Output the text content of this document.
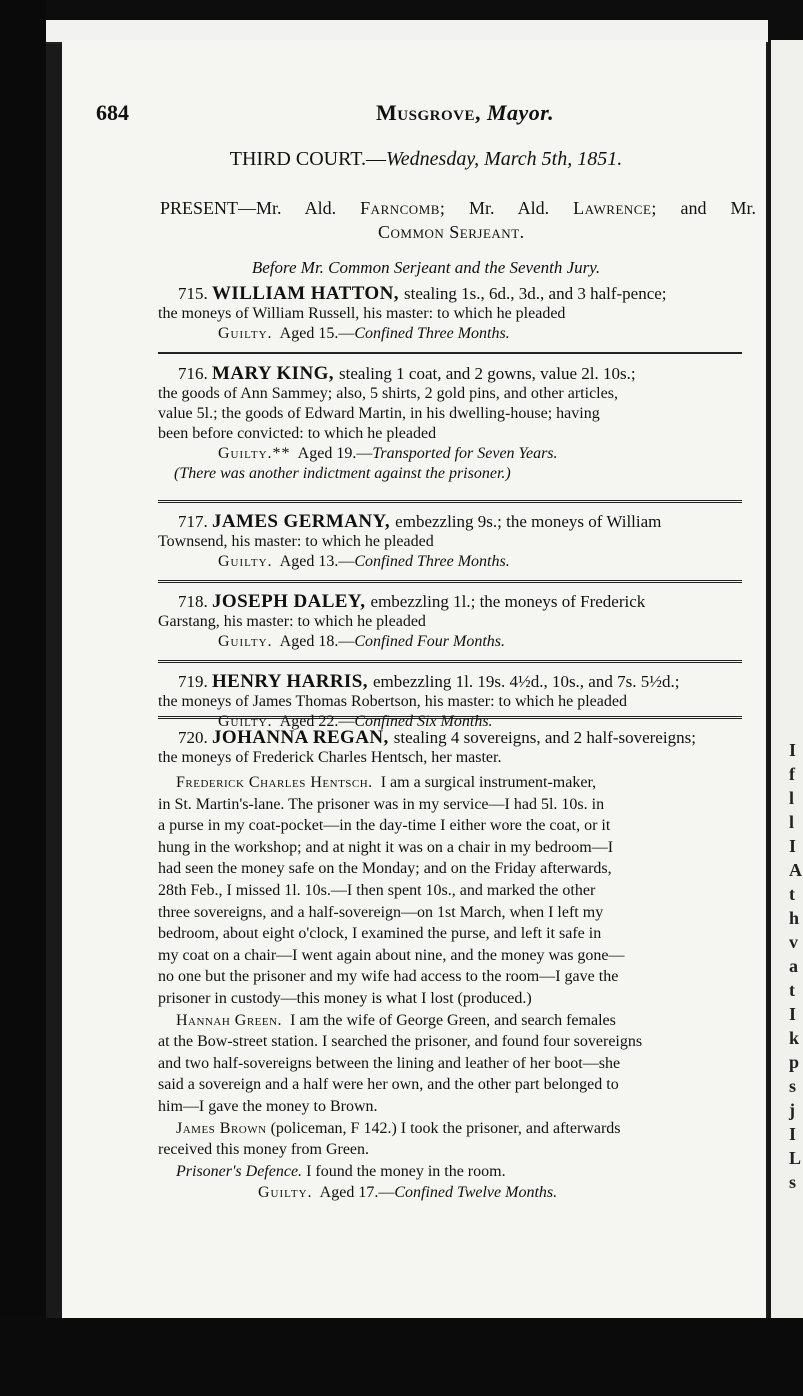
I
f
l
l
I
A
t
h
v
a
t
I
k
p
s
j
I
L
s
684	Musgrove, Mayor.
THIRD COURT.—Wednesday, March 5th, 1851.
PRESENT—Mr. Ald. Farncomb; Mr. Ald. Lawrence; and Mr.
Common Serjeant.
Before Mr. Common Serjeant and the Seventh Jury.
715. WILLIAM HATTON, stealing 1s., 6d., 3d., and 3 half-pence;
the moneys of William Russell, his master: to which he pleaded
Guilty. Aged 15.—Confined Three Months.
716. MARY KING, stealing 1 coat, and 2 gowns, value 2l. 10s.;
the goods of Ann Sammey; also, 5 shirts, 2 gold pins, and other articles,
value 5l.; the goods of Edward Martin, in his dwelling-house; having
been before convicted: to which he pleaded
Guilty.** Aged 19.—Transported for Seven Years.
(There was another indictment against the prisoner.)
717. JAMES GERMANY, embezzling 9s.; the moneys of William
Townsend, his master: to which he pleaded
Guilty. Aged 13.—Confined Three Months.
718. JOSEPH DALEY, embezzling 1l.; the moneys of Frederick
Garstang, his master: to which he pleaded
Guilty. Aged 18.—Confined Four Months.
719. HENRY HARRIS, embezzling 1l. 19s. 4½d., 10s., and 7s. 5½d.;
the moneys of James Thomas Robertson, his master: to which he pleaded
Guilty. Aged 22.—Confined Six Months.
720. JOHANNA REGAN, stealing 4 sovereigns, and 2 half-sovereigns;
the moneys of Frederick Charles Hentsch, her master.
Frederick Charles Hentsch. I am a surgical instrument-maker,
in St. Martin's-lane. The prisoner was in my service—I had 5l. 10s. in
a purse in my coat-pocket—in the day-time I either wore the coat, or it
hung in the workshop; and at night it was on a chair in my bedroom—I
had seen the money safe on the Monday; and on the Friday afterwards,
28th Feb., I missed 1l. 10s.—I then spent 10s., and marked the other
three sovereigns, and a half-sovereign—on 1st March, when I left my
bedroom, about eight o'clock, I examined the purse, and left it safe in
my coat on a chair—I went again about nine, and the money was gone—
no one but the prisoner and my wife had access to the room—I gave the
prisoner in custody—this money is what I lost (produced.)
Hannah Green. I am the wife of George Green, and search females
at the Bow-street station. I searched the prisoner, and found four sovereigns
and two half-sovereigns between the lining and leather of her boot—she
said a sovereign and a half were her own, and the other part belonged to
him—I gave the money to Brown.
James Brown (policeman, F 142.) I took the prisoner, and afterwards
received this money from Green.
Prisoner's Defence. I found the money in the room.
Guilty. Aged 17.—Confined Twelve Months.
